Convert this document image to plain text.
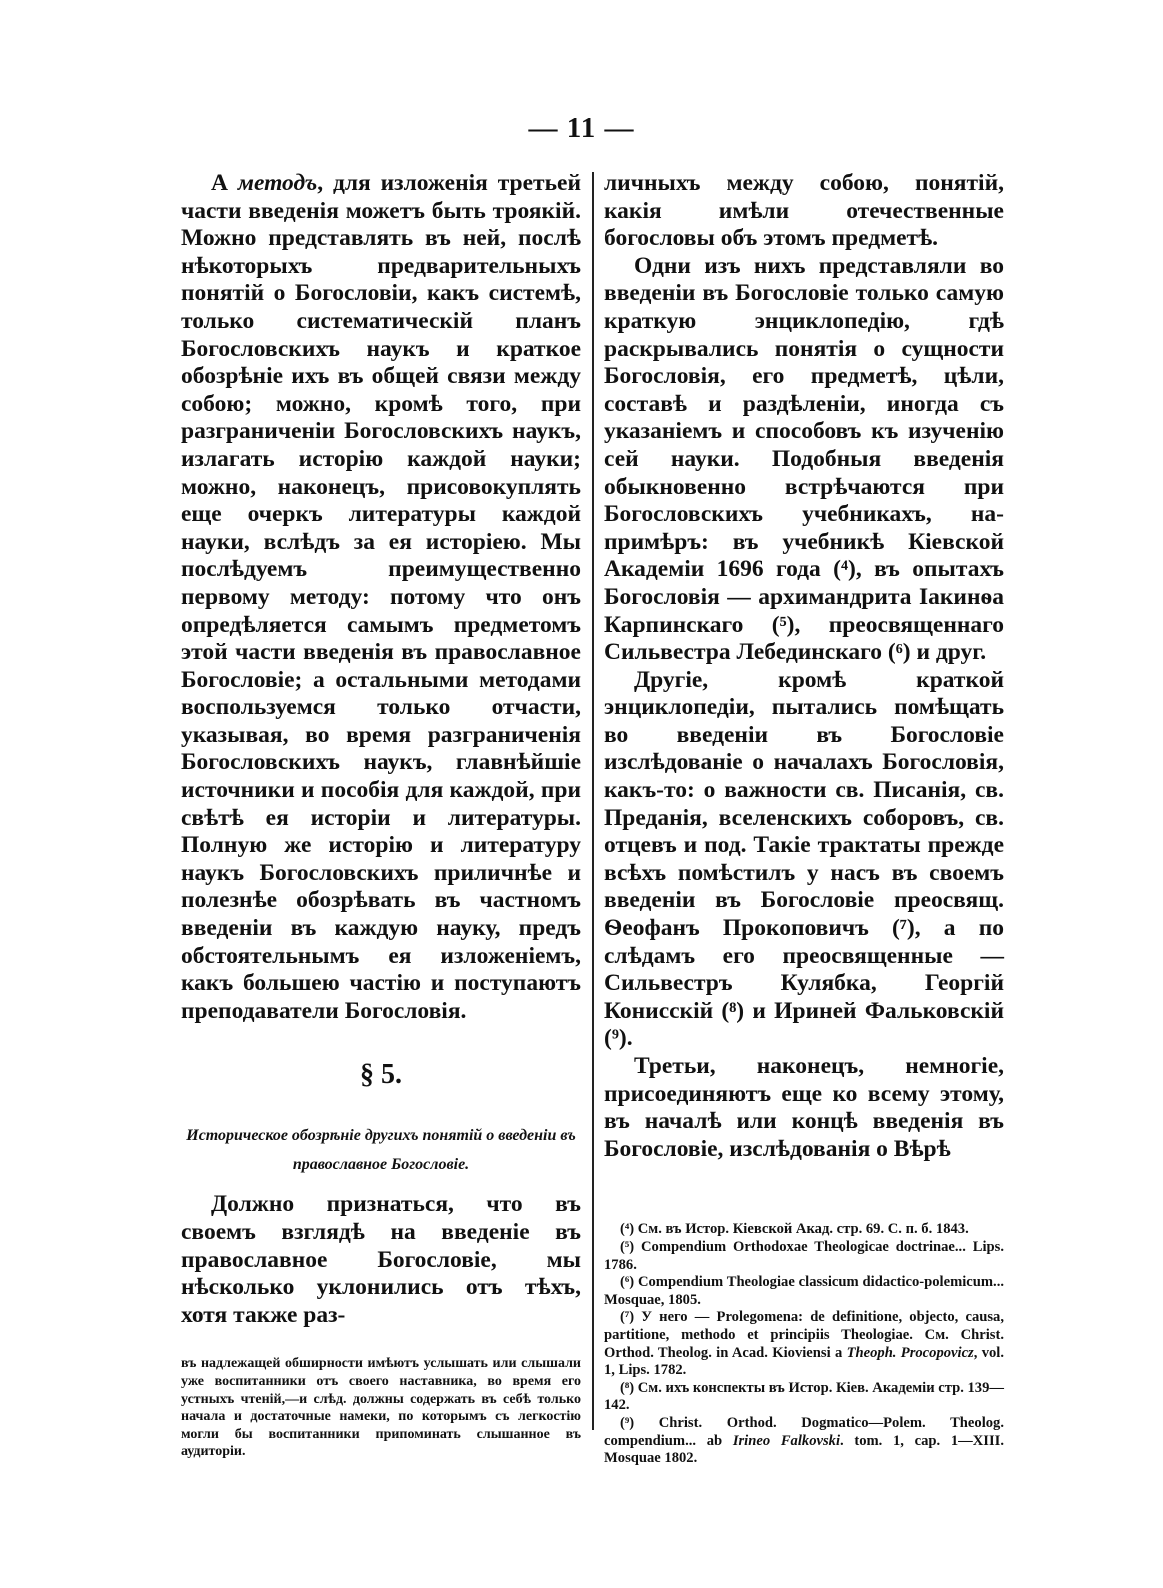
— 11 —

А методъ, для изложенія третьей части введенія можетъ быть троякій. Можно представлять въ ней, послѣ нѣкоторыхъ предварительныхъ понятій о Богословіи, какъ системѣ, только систематическій планъ Богословскихъ наукъ и краткое обозрѣніе ихъ въ общей связи между собою; можно, кромѣ того, при разграниченіи Богословскихъ наукъ, излагать исторію каждой науки; можно, наконецъ, присовокуплять еще очеркъ литературы каждой науки, вслѣдъ за ея исторіею. Мы послѣдуемъ преимущественно первому методу: потому что онъ опредѣляется самымъ предметомъ этой части введенія въ православное Богословіе; а остальными методами воспользуемся только отчасти, указывая, во время разграниченія Богословскихъ наукъ, главнѣйшіе источники и пособія для каждой, при свѣтѣ ея исторіи и литературы. Полную же исторію и литературу наукъ Богословскихъ приличнѣе и полезнѣе обозрѣвать въ частномъ введеніи въ каждую науку, предъ обстоятельнымъ ея изложеніемъ, какъ большею частію и поступаютъ преподаватели Богословія.

§ 5.
Историческое обозрѣніе другихъ понятій о введеніи въ православное Богословіе.

Должно признаться, что въ своемъ взглядѣ на введеніе въ православное Богословіе, мы нѣсколько уклонились отъ тѣхъ, хотя также раз-

въ надлежащей обширности имѣютъ услышать или слышали уже воспитанники отъ своего наставника, во время его устныхъ чтеній,—и слѣд. должны содержать въ себѣ только начала и достаточные намеки, по которымъ съ легкостію могли бы воспитанники припоминать слышанное въ аудиторіи.

личныхъ между собою, понятій, какія имѣли отечественные богословы объ этомъ предметѣ.

Одни изъ нихъ представляли во введеніи въ Богословіе только самую краткую энциклопедію, гдѣ раскрывались понятія о сущности Богословія, его предметѣ, цѣли, составѣ и раздѣленіи, иногда съ указаніемъ и способовъ къ изученію сей науки. Подобныя введенія обыкновенно встрѣчаются при Богословскихъ учебникахъ, на-примѣръ: въ учебникѣ Кіевской Академіи 1696 года (⁴), въ опытахъ Богословія — архимандрита Іакинѳа Карпинскаго (⁵), преосвященнаго Сильвестра Лебединскаго (⁶) и друг.

Другіе, кромѣ краткой энциклопедіи, пыталиcь помѣщать во введеніи въ Богословіе изслѣдованіе о началахъ Богословія, какъ-то: о важности св. Писанія, св. Преданія, вселенскихъ соборовъ, св. отцевъ и под. Такіе трактаты прежде всѣхъ помѣстилъ у насъ въ своемъ введеніи въ Богословіе преосвящ. Ѳеофанъ Прокоповичъ (⁷), а по слѣдамъ его преосвященные — Сильвестръ Кулябка, Георгій Конисскій (⁸) и Ириней Фальковскій (⁹).

Третьи, наконецъ, немногіе, присоединяютъ еще ко всему этому, въ началѣ или концѣ введенія въ Богословіе, изслѣдованія о Вѣрѣ

(⁴) См. въ Истор. Кіевской Акад. стр. 69. С. п. б. 1843.

(⁵) Compendium Orthodoxae Theologicae doctrinae... Lips. 1786.

(⁶) Compendium Theologiae classicum didactico-polemicum... Mosquae, 1805.

(⁷) У него — Prolegomena: de definitione, objecto, causa, partitione, methodo et principiis Theologiae. См. Christ. Orthod. Theolog. in Acad. Kioviensi a Theoph. Procopovicz, vol. 1, Lips. 1782.

(⁸) См. ихъ конспекты въ Истор. Кіев. Академіи стр. 139—142.

(⁹) Christ. Orthod. Dogmatico—Polem. Theolog. compendium... ab Irineo Falkovski. tom. 1, cap. 1—XIII. Mosquae 1802.
